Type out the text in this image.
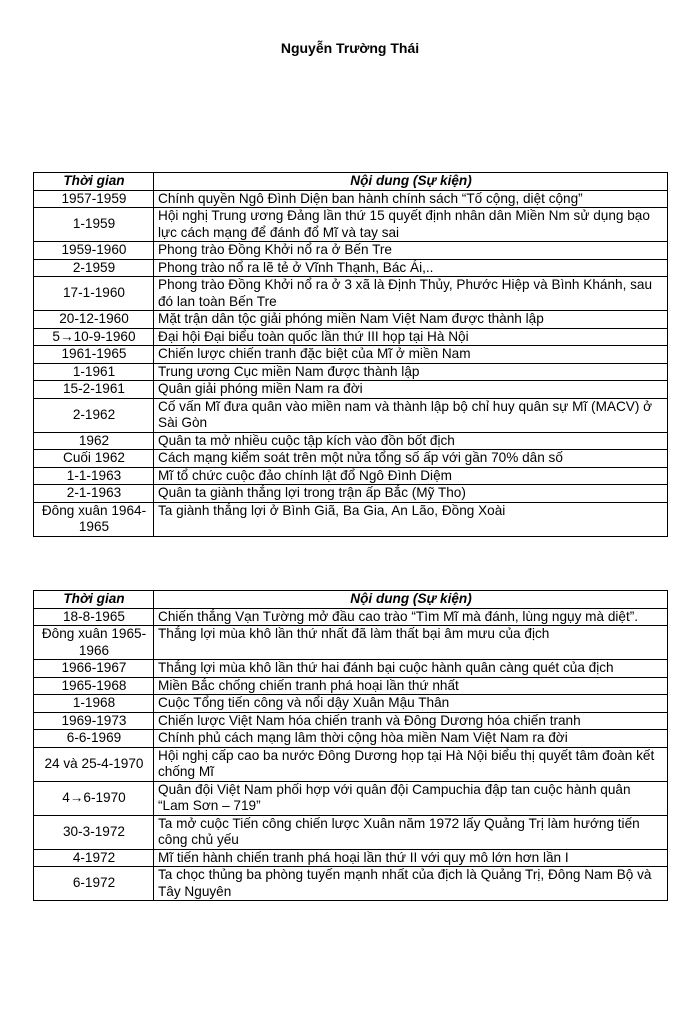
Nguyễn Trường Thái
Thời gian	Nội dung (Sự kiện)
1957-1959	Chính quyền Ngô Đình Diện ban hành chính sách “Tố cộng, diệt cộng”
1-1959	Hội nghị Trung ương Đảng lần thứ 15 quyết định nhân dân Miền Nm sử dụng bạo lực cách mạng để đánh đổ Mĩ và tay sai
1959-1960	Phong trào Đồng Khởi nổ ra ở Bến Tre
2-1959	Phong trào nổ ra lẽ tẻ ở Vĩnh Thạnh, Bác Ái,..
17-1-1960	Phong trào Đồng Khởi nổ ra ở 3 xã là Định Thủy, Phước Hiệp và Bình Khánh, sau đó lan toàn Bến Tre
20-12-1960	Mặt trận dân tộc giải phóng miền Nam Việt Nam được thành lập
5→10-9-1960	Đại hội Đại biểu toàn quốc lần thứ III họp tại Hà Nội
1961-1965	Chiến lược chiến tranh đặc biệt của Mĩ ở miền Nam
1-1961	Trung ương Cục miền Nam được thành lập
15-2-1961	Quân giải phóng miền Nam ra đời
2-1962	Cố vấn Mĩ đưa quân vào miền nam và thành lập bộ chỉ huy quân sự Mĩ (MACV) ở Sài Gòn
1962	Quân ta mở nhiều cuộc tập kích vào đồn bốt địch
Cuối 1962	Cách mạng kiểm soát trên một nửa tổng số ấp với gần 70% dân số
1-1-1963	Mĩ tổ chức cuộc đảo chính lật đổ Ngô Đình Diệm
2-1-1963	Quân ta giành thắng lợi trong trận ấp Bắc (Mỹ Tho)
Đông xuân 1964-1965	Ta giành thắng lợi ở Bình Giã, Ba Gia, An Lão, Đồng Xoài
Thời gian	Nội dung (Sự kiện)
18-8-1965	Chiến thắng Vạn Tường mở đầu cao trào “Tìm Mĩ mà đánh, lùng ngụy mà diệt”.
Đông xuân 1965-1966	Thắng lợi mùa khô lần thứ nhất đã làm thất bại âm mưu của địch
1966-1967	Thắng lợi mùa khô lần thứ hai đánh bại cuộc hành quân càng quét của địch
1965-1968	Miền Bắc chống chiến tranh phá hoại lần thứ nhất
1-1968	Cuộc Tổng tiến công và nổi dậy Xuân Mậu Thân
1969-1973	Chiến lược Việt Nam hóa chiến tranh và Đông Dương hóa chiến tranh
6-6-1969	Chính phủ cách mạng lâm thời cộng hòa miền Nam Việt Nam ra đời
24 và 25-4-1970	Hội nghị cấp cao ba nước Đông Dương họp tại Hà Nội biểu thị quyết tâm đoàn kết chống Mĩ
4→6-1970	Quân đội Việt Nam phối hợp với quân đội Campuchia đập tan cuộc hành quân “Lam Sơn – 719”
30-3-1972	Ta mở cuộc Tiến công chiến lược Xuân năm 1972 lấy Quảng Trị làm hướng tiến công chủ yếu
4-1972	Mĩ tiến hành chiến tranh phá hoại lần thứ II với quy mô lớn hơn lần I
6-1972	Ta chọc thủng ba phòng tuyến mạnh nhất của địch là Quảng Trị, Đông Nam Bộ và Tây Nguyên
